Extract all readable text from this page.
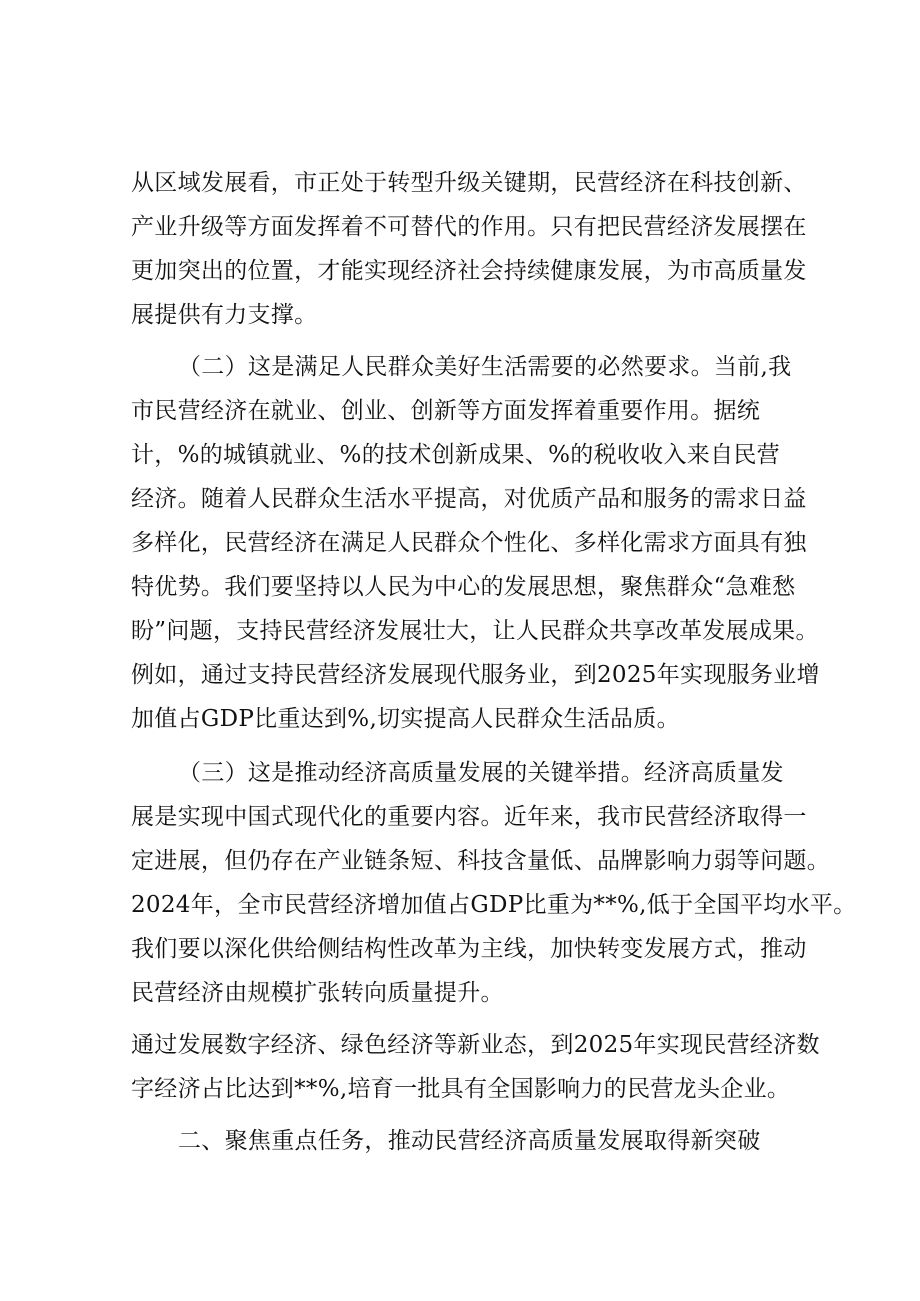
从区域发展看，市正处于转型升级关键期，民营经济在科技创新、
产业升级等方面发挥着不可替代的作用。只有把民营经济发展摆在
更加突出的位置，才能实现经济社会持续健康发展，为市高质量发
展提供有力支撑。
（二）这是满足人民群众美好生活需要的必然要求。当前,我
市民营经济在就业、创业、创新等方面发挥着重要作用。据统
计，%的城镇就业、%的技术创新成果、%的税收收入来自民营
经济。随着人民群众生活水平提高，对优质产品和服务的需求日益
多样化，民营经济在满足人民群众个性化、多样化需求方面具有独
特优势。我们要坚持以人民为中心的发展思想，聚焦群众“急难愁
盼”问题，支持民营经济发展壮大，让人民群众共享改革发展成果。
例如，通过支持民营经济发展现代服务业，到2025年实现服务业增
加值占GDP比重达到%,切实提高人民群众生活品质。
（三）这是推动经济高质量发展的关键举措。经济高质量发
展是实现中国式现代化的重要内容。近年来，我市民营经济取得一
定进展，但仍存在产业链条短、科技含量低、品牌影响力弱等问题。
2024年，全市民营经济增加值占GDP比重为**%,低于全国平均水平。
我们要以深化供给侧结构性改革为主线，加快转变发展方式，推动
民营经济由规模扩张转向质量提升。
通过发展数字经济、绿色经济等新业态，到2025年实现民营经济数
字经济占比达到**%,培育一批具有全国影响力的民营龙头企业。
二、聚焦重点任务，推动民营经济高质量发展取得新突破
